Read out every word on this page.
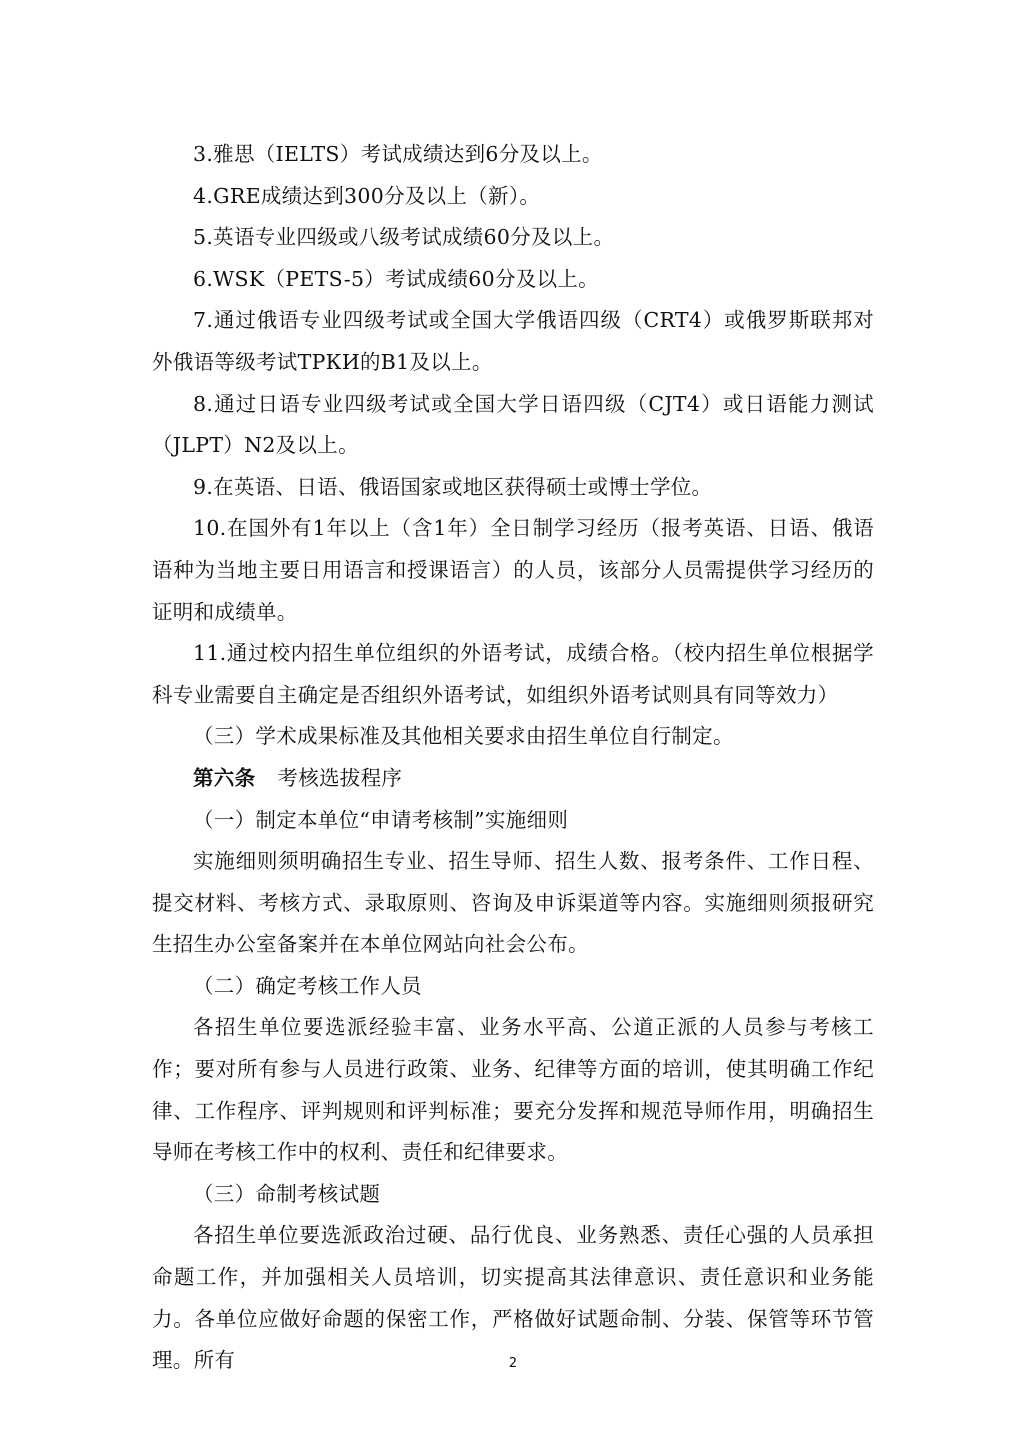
3.雅思（IELTS）考试成绩达到6分及以上。

4.GRE成绩达到300分及以上（新）。

5.英语专业四级或八级考试成绩60分及以上。

6.WSK（PETS-5）考试成绩60分及以上。

7.通过俄语专业四级考试或全国大学俄语四级（CRT4）或俄罗斯联邦对外俄语等级考试ТРКИ的B1及以上。

8.通过日语专业四级考试或全国大学日语四级（CJT4）或日语能力测试（JLPT）N2及以上。

9.在英语、日语、俄语国家或地区获得硕士或博士学位。

10.在国外有1年以上（含1年）全日制学习经历（报考英语、日语、俄语语种为当地主要日用语言和授课语言）的人员，该部分人员需提供学习经历的证明和成绩单。

11.通过校内招生单位组织的外语考试，成绩合格。（校内招生单位根据学科专业需要自主确定是否组织外语考试，如组织外语考试则具有同等效力）

（三）学术成果标准及其他相关要求由招生单位自行制定。

第六条 考核选拔程序

（一）制定本单位“申请考核制”实施细则

实施细则须明确招生专业、招生导师、招生人数、报考条件、工作日程、提交材料、考核方式、录取原则、咨询及申诉渠道等内容。实施细则须报研究生招生办公室备案并在本单位网站向社会公布。

（二）确定考核工作人员

各招生单位要选派经验丰富、业务水平高、公道正派的人员参与考核工作；要对所有参与人员进行政策、业务、纪律等方面的培训，使其明确工作纪律、工作程序、评判规则和评判标准；要充分发挥和规范导师作用，明确招生导师在考核工作中的权利、责任和纪律要求。

（三）命制考核试题

各招生单位要选派政治过硬、品行优良、业务熟悉、责任心强的人员承担命题工作，并加强相关人员培训，切实提高其法律意识、责任意识和业务能力。各单位应做好命题的保密工作，严格做好试题命制、分装、保管等环节管理。所有	2
